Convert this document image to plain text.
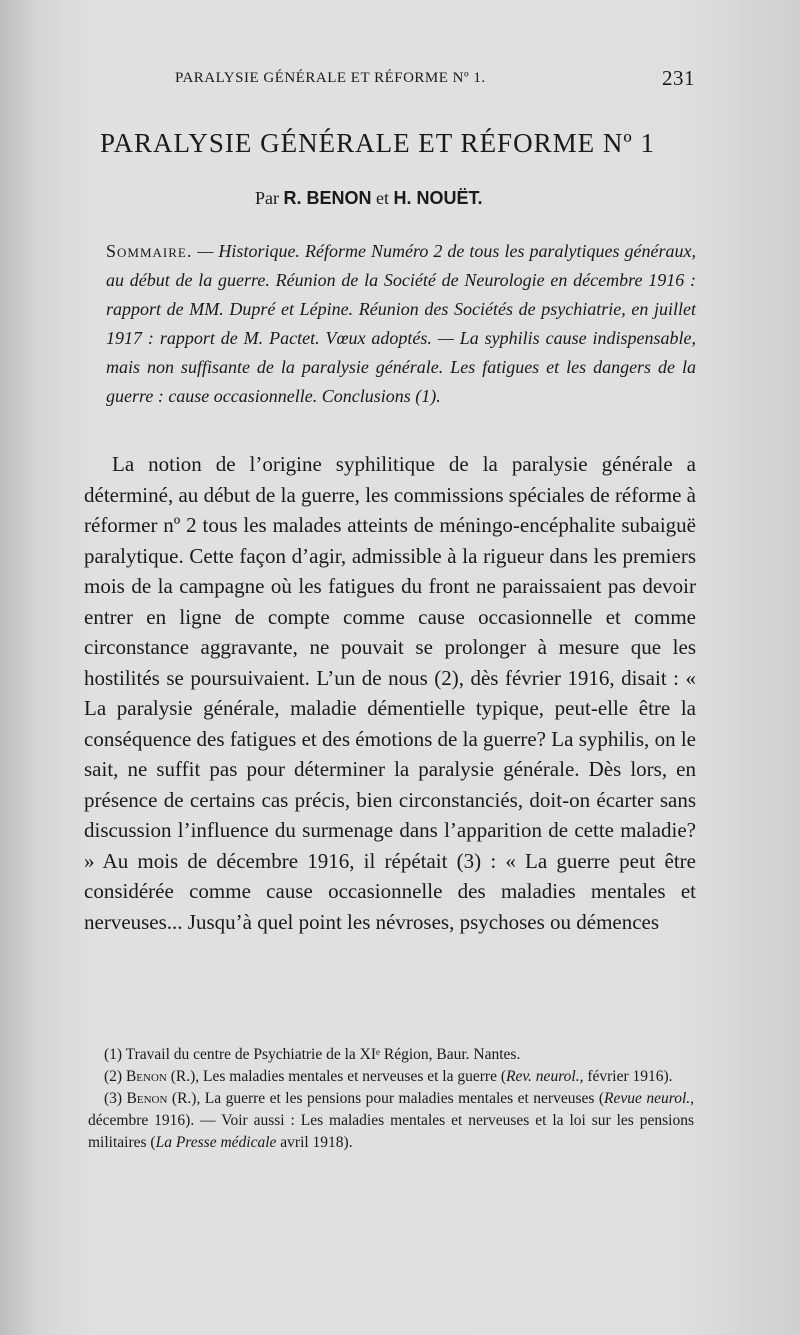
PARALYSIE GÉNÉRALE ET RÉFORME Nº 1.	231
PARALYSIE GÉNÉRALE ET RÉFORME Nº 1
Par R. BENON et H. NOUËT.
Sommaire. — Historique. Réforme Numéro 2 de tous les paralytiques généraux, au début de la guerre. Réunion de la Société de Neurologie en décembre 1916 : rapport de MM. Dupré et Lépine. Réunion des Sociétés de psychiatrie, en juillet 1917 : rapport de M. Pactet. Vœux adoptés. — La syphilis cause indispensable, mais non suffisante de la paralysie générale. Les fatigues et les dangers de la guerre : cause occasionnelle. Conclusions (1).

La notion de l’origine syphilitique de la paralysie générale a déterminé, au début de la guerre, les commissions spéciales de réforme à réformer nº 2 tous les malades atteints de méningo-encéphalite subaiguë paralytique. Cette façon d’agir, admissible à la rigueur dans les premiers mois de la campagne où les fatigues du front ne paraissaient pas devoir entrer en ligne de compte comme cause occasionnelle et comme circonstance aggravante, ne pouvait se prolonger à mesure que les hostilités se poursuivaient. L’un de nous (2), dès février 1916, disait : « La paralysie générale, maladie démentielle typique, peut-elle être la conséquence des fatigues et des émotions de la guerre? La syphilis, on le sait, ne suffit pas pour déterminer la paralysie générale. Dès lors, en présence de certains cas précis, bien circonstanciés, doit-on écarter sans discussion l’influence du surmenage dans l’apparition de cette maladie? » Au mois de décembre 1916, il répétait (3) : « La guerre peut être considérée comme cause occasionnelle des maladies mentales et nerveuses... Jusqu’à quel point les névroses, psychoses ou démences

(1) Travail du centre de Psychiatrie de la XIᵉ Région, Baur. Nantes.

(2) Benon (R.), Les maladies mentales et nerveuses et la guerre (Rev. neurol., février 1916).

(3) Benon (R.), La guerre et les pensions pour maladies mentales et nerveuses (Revue neurol., décembre 1916). — Voir aussi : Les maladies mentales et nerveuses et la loi sur les pensions militaires (La Presse médicale avril 1918).
